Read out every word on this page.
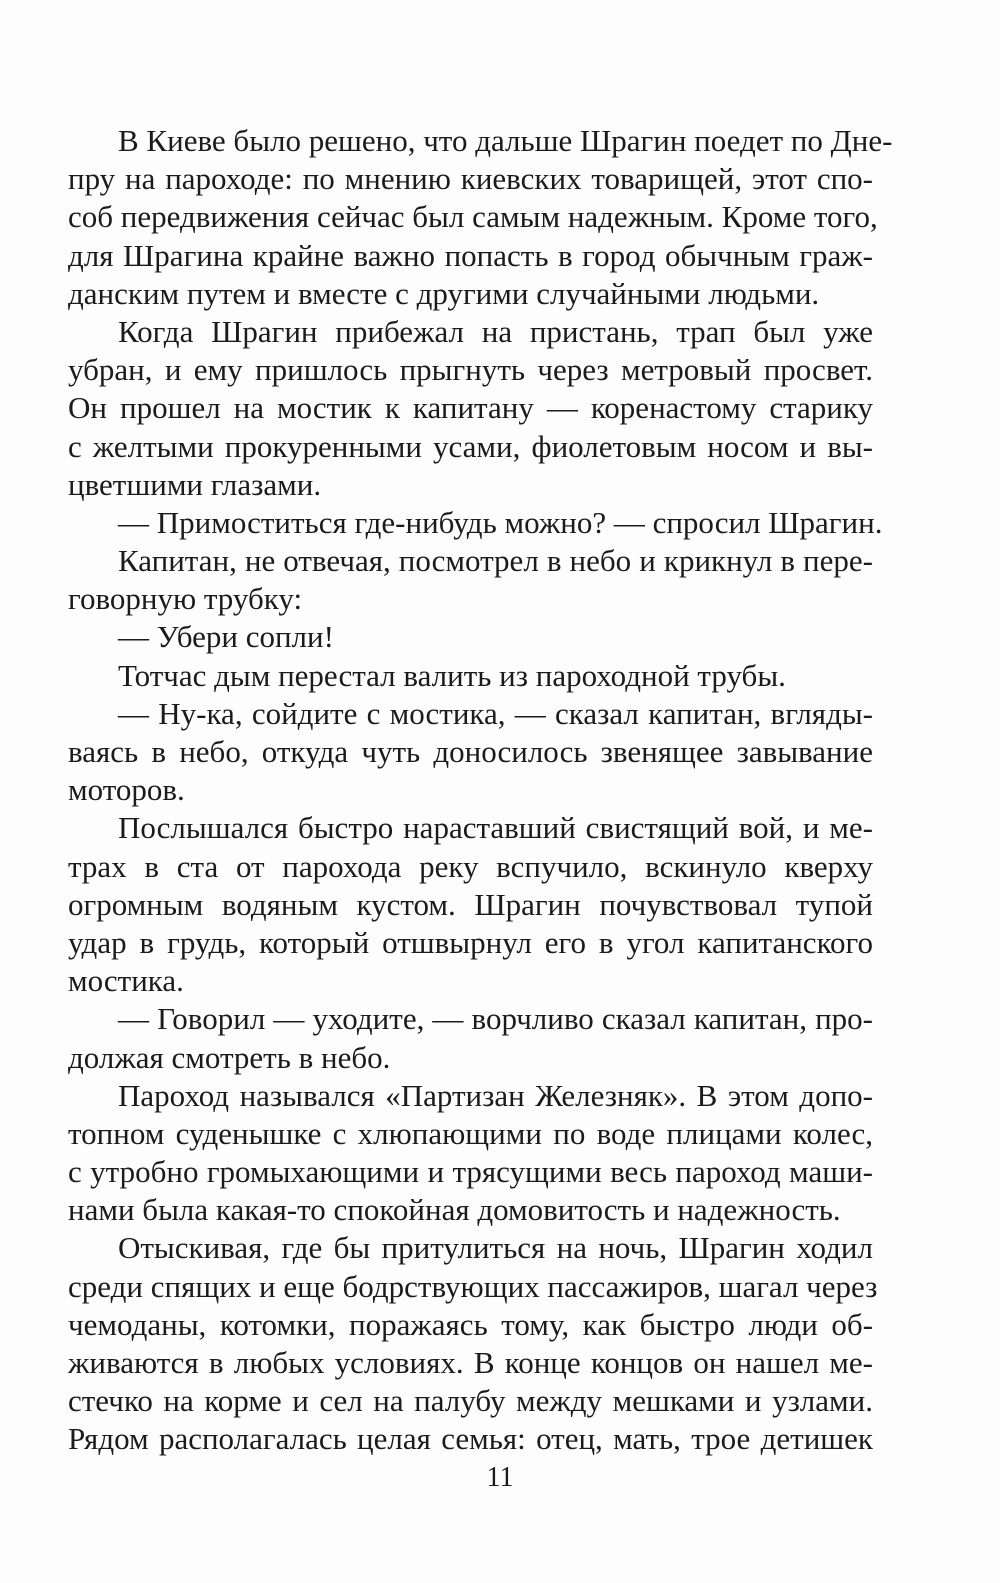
В Киеве было решено, что дальше Шрагин поедет по Дне-
пру на пароходе: по мнению киевских товарищей, этот спо-
соб передвижения сейчас был самым надежным. Кроме того,
для Шрагина крайне важно попасть в город обычным граж-
данским путем и вместе с другими случайными людьми.
Когда Шрагин прибежал на пристань, трап был уже
убран, и ему пришлось прыгнуть через метровый просвет.
Он прошел на мостик к капитану — коренастому старику
с желтыми прокуренными усами, фиолетовым носом и вы-
цветшими глазами.
— Примоститься где-нибудь можно? — спросил Шрагин.
Капитан, не отвечая, посмотрел в небо и крикнул в пере-
говорную трубку:
— Убери сопли!
Тотчас дым перестал валить из пароходной трубы.
— Ну-ка, сойдите с мостика, — сказал капитан, вгляды-
ваясь в небо, откуда чуть доносилось звенящее завывание
моторов.
Послышался быстро нараставший свистящий вой, и ме-
трах в ста от парохода реку вспучило, вскинуло кверху
огромным водяным кустом. Шрагин почувствовал тупой
удар в грудь, который отшвырнул его в угол капитанского
мостика.
— Говорил — уходите, — ворчливо сказал капитан, про-
должая смотреть в небо.
Пароход назывался «Партизан Железняк». В этом допо-
топном суденышке с хлюпающими по воде плицами колес,
с утробно громыхающими и трясущими весь пароход маши-
нами была какая-то спокойная домовитость и надежность.
Отыскивая, где бы притулиться на ночь, Шрагин ходил
среди спящих и еще бодрствующих пассажиров, шагал через
чемоданы, котомки, поражаясь тому, как быстро люди об-
живаются в любых условиях. В конце концов он нашел ме-
стечко на корме и сел на палубу между мешками и узлами.
Рядом располагалась целая семья: отец, мать, трое детишек
11
